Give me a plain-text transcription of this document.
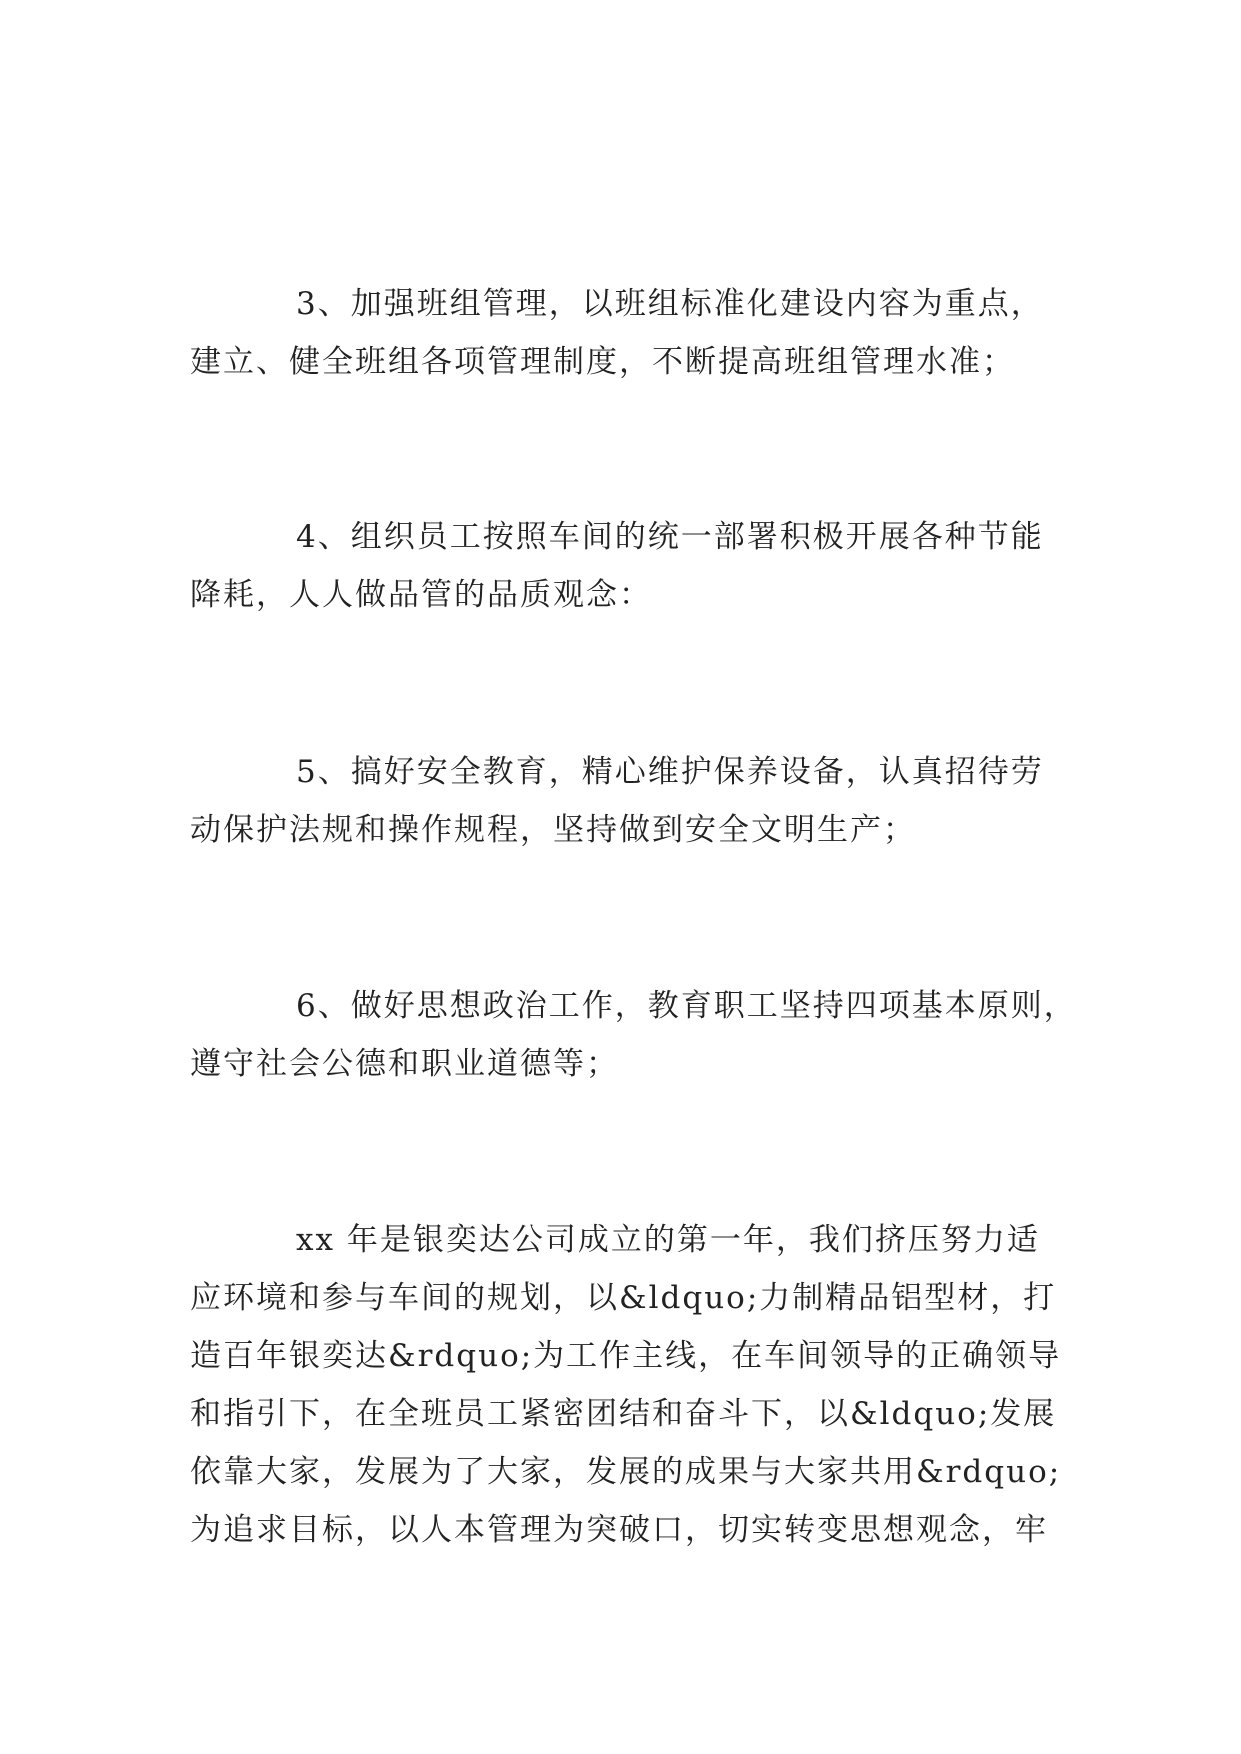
3、加强班组管理，以班组标准化建设内容为重点，
建立、健全班组各项管理制度，不断提高班组管理水准；

4、组织员工按照车间的统一部署积极开展各种节能
降耗，人人做品管的品质观念：

5、搞好安全教育，精心维护保养设备，认真招待劳
动保护法规和操作规程，坚持做到安全文明生产；

6、做好思想政治工作，教育职工坚持四项基本原则，
遵守社会公德和职业道德等；

xx 年是银奕达公司成立的第一年，我们挤压努力适
应环境和参与车间的规划，以&ldquo;力制精品铝型材，打
造百年银奕达&rdquo;为工作主线，在车间领导的正确领导
和指引下，在全班员工紧密团结和奋斗下，以&ldquo;发展
依靠大家，发展为了大家，发展的成果与大家共用&rdquo;
为追求目标，以人本管理为突破口，切实转变思想观念，牢
